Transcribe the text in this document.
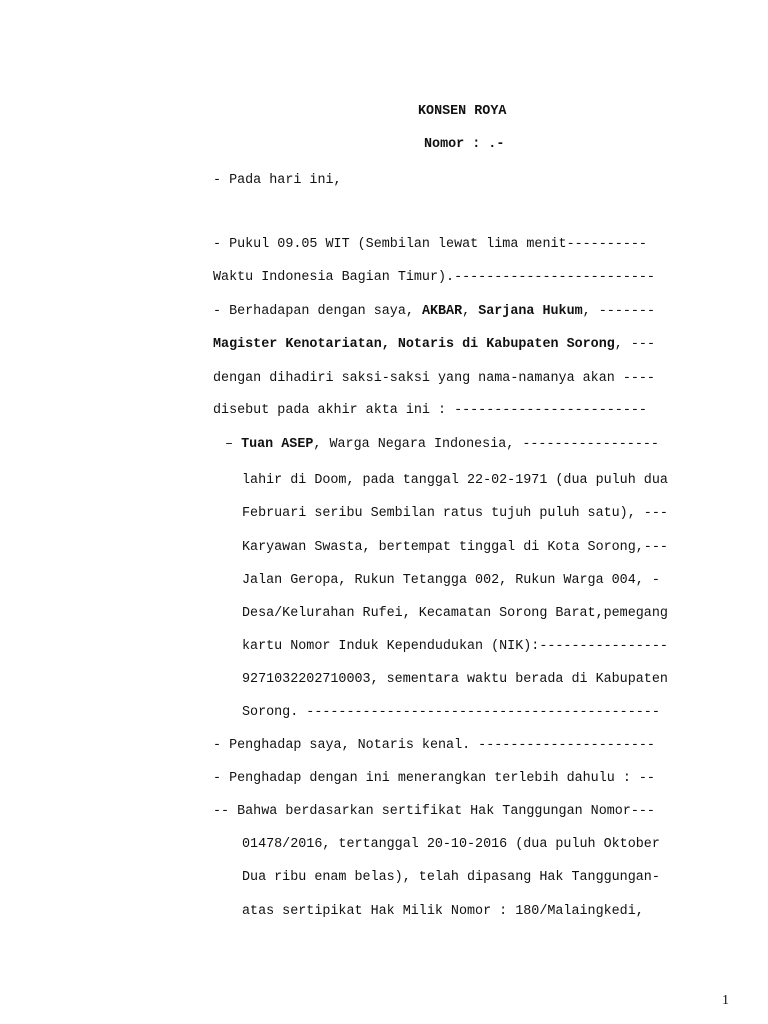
KONSEN ROYA
Nomor : .-
- Pada hari ini,
- Pukul 09.05 WIT (Sembilan lewat lima menit----------
Waktu Indonesia Bagian Timur).-------------------------
- Berhadapan dengan saya, AKBAR, Sarjana Hukum, -------
Magister Kenotariatan, Notaris di Kabupaten Sorong, ---
dengan dihadiri saksi-saksi yang nama-namanya akan ----
disebut pada akhir akta ini : ------------------------
– Tuan ASEP, Warga Negara Indonesia, -----------------
lahir di Doom, pada tanggal 22-02-1971 (dua puluh dua
Februari seribu Sembilan ratus tujuh puluh satu), ---
Karyawan Swasta, bertempat tinggal di Kota Sorong,---
Jalan Geropa, Rukun Tetangga 002, Rukun Warga 004, -
Desa/Kelurahan Rufei, Kecamatan Sorong Barat,pemegang
kartu Nomor Induk Kependudukan (NIK):----------------
9271032202710003, sementara waktu berada di Kabupaten
Sorong. --------------------------------------------
- Penghadap saya, Notaris kenal. ----------------------
- Penghadap dengan ini menerangkan terlebih dahulu : --
-- Bahwa berdasarkan sertifikat Hak Tanggungan Nomor---
01478/2016, tertanggal 20-10-2016 (dua puluh Oktober
Dua ribu enam belas), telah dipasang Hak Tanggungan-
atas sertipikat Hak Milik Nomor : 180/Malaingkedi,
1
